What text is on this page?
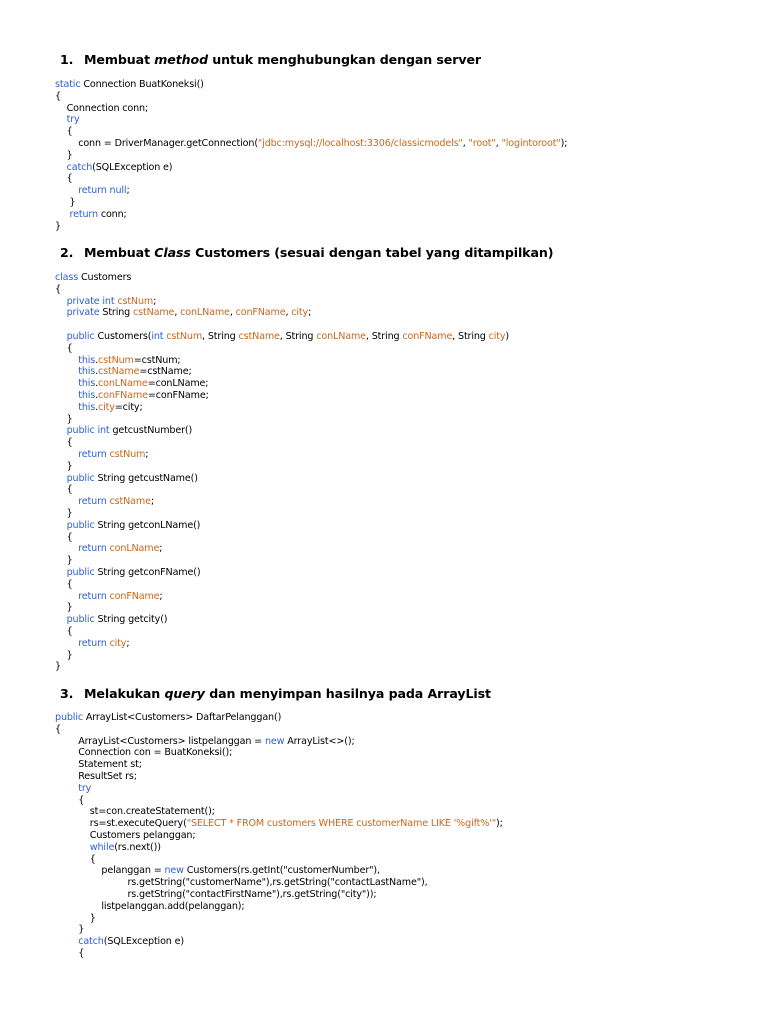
1. Membuat method untuk menghubungkan dengan server
static Connection BuatKoneksi()
{
Connection conn;
try
{
conn = DriverManager.getConnection("jdbc:mysql://localhost:3306/classicmodels", "root", "logintoroot");
}
catch(SQLException e)
{
return null;
}
return conn;
}
2. Membuat Class Customers (sesuai dengan tabel yang ditampilkan)
class Customers
{
private int cstNum;
private String cstName, conLName, conFName, city;
public Customers(int cstNum, String cstName, String conLName, String conFName, String city)
{
this.cstNum=cstNum;
this.cstName=cstName;
this.conLName=conLName;
this.conFName=conFName;
this.city=city;
}
public int getcustNumber()
{
return cstNum;
}
public String getcustName()
{
return cstName;
}
public String getconLName()
{
return conLName;
}
public String getconFName()
{
return conFName;
}
public String getcity()
{
return city;
}
}
3. Melakukan query dan menyimpan hasilnya pada ArrayList
public ArrayList<Customers> DaftarPelanggan()
{
ArrayList<Customers> listpelanggan = new ArrayList<>();
Connection con = BuatKoneksi();
Statement st;
ResultSet rs;
try
{
st=con.createStatement();
rs=st.executeQuery("SELECT * FROM customers WHERE customerName LIKE '%gift%'");
Customers pelanggan;
while(rs.next())
{
pelanggan = new Customers(rs.getInt("customerNumber"),
rs.getString("customerName"),rs.getString("contactLastName"),
rs.getString("contactFirstName"),rs.getString("city"));
listpelanggan.add(pelanggan);
}
}
catch(SQLException e)
{
